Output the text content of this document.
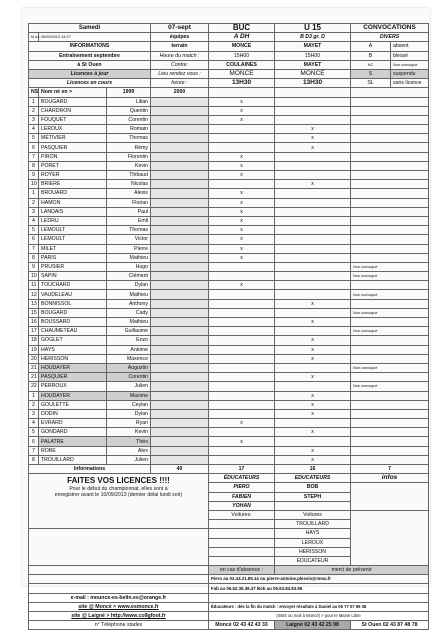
Samedi			07-sept	BUC	U 15	CONVOCATIONS	
M à L	05/09/2013 13:27		équipes	A DH	B D3 gr. D	DIVERS	
INFORMATIONS			terrain	MONCE	MAYET	A	absent
Entraînement septembre			Heure du match :	15H00	15H00	B	blessé
à St Ouen			Contre:	COULAINES	MAYET	NC	Non convoqué
Licences à jour			Lieu rendez vous :	MONCE	MONCE	S	suspendu
Licences en cours			heure :	13H30	13H30	SL	sans licence
NS	Nom né en >	1999	2000				
1	BOUGARD	Lilian		x			
2	CHARDRON	Quentin		x			
3	FOUQUET	Corentin		x			
4	LEROUX	Romain			x		
5	MÉTIVIER	Thomas			x		
6	PASQUIER	Rémy			x		
7	PIRON	Florentin		x			
8	PORET	Kevin		x			
9	ROYER	Thibaud		x			
10	BRIERE	Nicolas			x		
1	BROUARD	Alexis		x			
2	HAMON	Florian		x			
3	LANDAIS	Paul		x			
4	LEDRU	Emil		x			
5	LEMOULT	Thomas		x			
6	LEMOULT	Victor		x			
7	MILET	Pierre		x			
8	PARIS	Mathieu		x			
9	PRUSIER	Hugo				Non convoqué	
10	SAPIN	Clément				Non convoqué	
11	TOUCHARD	Dylan		x			
12	VAUDELEAU	Mathieu				Non convoqué	
13	BONNISSOL	Anthony			x		
15	BOUGARD	Cady				Non convoqué	
16	BOUSSARD	Mathieu			x		
17	CHAUMETEAU	Guillaume				Non convoqué	
18	GOGLET	Enzo			x		
19	HAYS	Antoine			x		
20	HERISSON	Maxence			x		
21	HOUDAYER	Augustin				Non convoqué	
21	PASQUIER	Corentin			x		
22	PERROUX	Julien				Non convoqué	
1	HOUDAYER	Maxime			x		
2	GOULETTE	Ceylan			x		
3	DODIN	Dylan			x		
4	EVRARD	Ryan		x			
5	GONDARD	Kevin			x		
6	PALATRE	Théo		x			
7	ROBE	Alex			x		
8	TROUILLARD	Julien			x		
Informations			40	17	16	7	

FAITES VOS LICENCES !!!!
Pour le début du championnat, elles sont à
enregistrer avant le 10/09/2013 (dernier délai lundi soir)				ÉDUCATEURS	EDUCATEURS	infos	
				PIERO	BOB		
				FABIEN	STEPH		
				YOHAN			
				Voitures:	Voitures		
					TROUILLARD		
					HAYS		
					LEROUX		
					HERISSON		
					EDUCATEUR		
				en cas d'absence :	merci de prévenir		
				Piero au 02.43.21.85.14 ou pierre-antoine.plessis@mma.fr			
				Fab au 06.62.35.36.47 Bob au 06.63.84.83.96			
e-mail : mounce-es-belin.es@orange.fr							
site @ Moncé > www.esmonce.fr				Éducateurs : dès la fin du match : envoyer résultats à Daniel au 06 77 07 99 38			
site @ Laigné > http://www.co9gfoot.fr				(SMS ou mail à Moncé) > pour le Maine Libre			
n° Téléphone stades				Moncé 02 43 42 43 33	Laigné 02 43 42 25 98	St Ouen 02 43 87 48 78	
